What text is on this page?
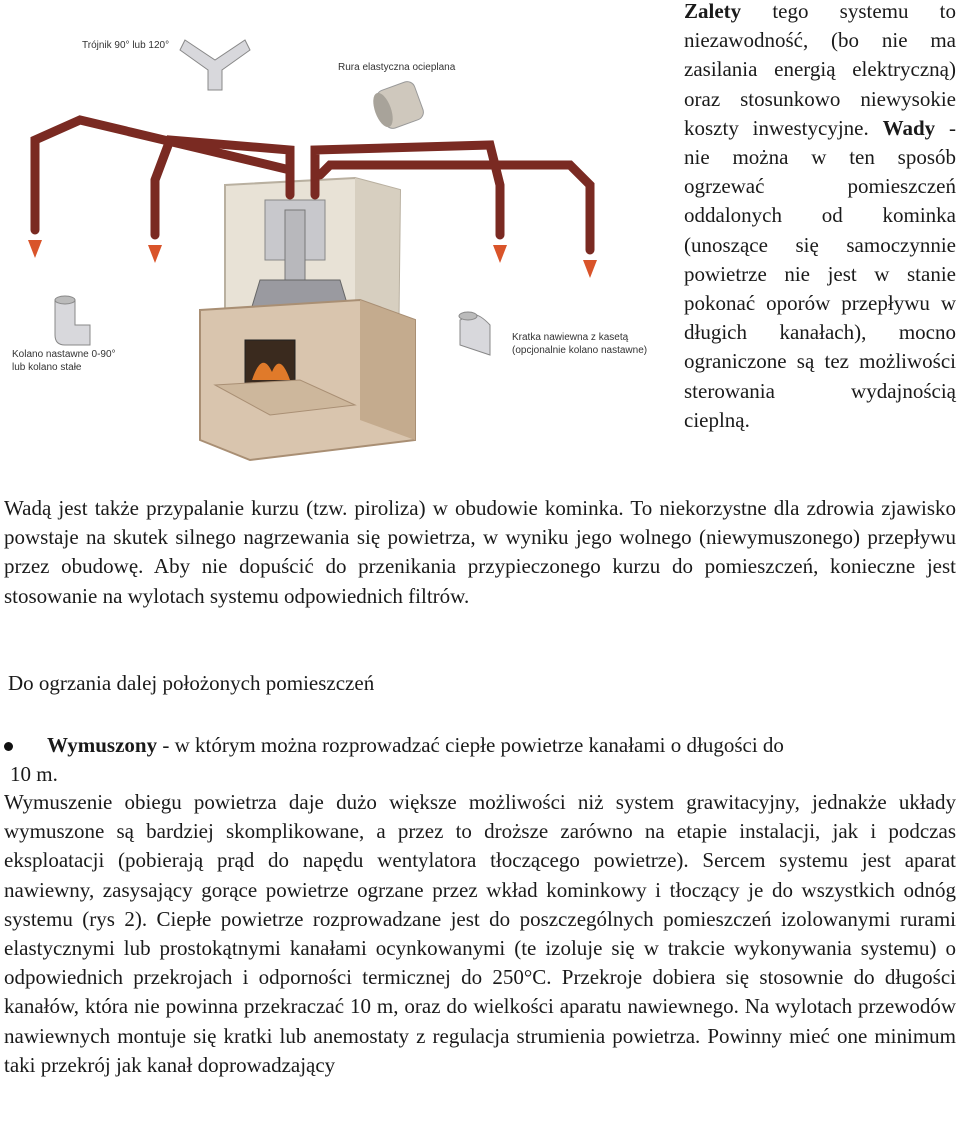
Trójnik 90° lub 120°
Rura elastyczna ocieplana
Kolano nastawne 0-90°
lub kolano stałe
Kratka nawiewna z kasetą
(opcjonalnie kolano nastawne)
Zalety tego systemu to niezawodność, (bo nie ma zasilania energią elektryczną) oraz stosunkowo niewysokie koszty inwestycyjne. Wady - nie można w ten sposób ogrzewać pomieszczeń oddalonych od kominka (unoszące się samoczynnie powietrze nie jest w stanie pokonać oporów przepływu w długich kanałach), mocno ograniczone są tez możliwości sterowania wydajnością cieplną.
Wadą jest także przypalanie kurzu (tzw. piroliza) w obudowie kominka. To niekorzystne dla zdrowia zjawisko powstaje na skutek silnego nagrzewania się powietrza, w wyniku jego wolnego (niewymuszonego) przepływu przez obudowę. Aby nie dopuścić do przenikania przypieczonego kurzu do pomieszczeń, konieczne jest stosowanie na wylotach systemu odpowiednich filtrów.
Do ogrzania dalej położonych pomieszczeń
Wymuszony - w którym można rozprowadzać ciepłe powietrze kanałami o długości do
10 m.
Wymuszenie obiegu powietrza daje dużo większe możliwości niż system grawitacyjny, jednakże układy wymuszone są bardziej skomplikowane, a przez to droższe zarówno na etapie instalacji, jak i podczas eksploatacji (pobierają prąd do napędu wentylatora tłoczącego powietrze). Sercem systemu jest aparat nawiewny, zasysający gorące powietrze ogrzane przez wkład kominkowy i tłoczący je do wszystkich odnóg systemu (rys 2). Ciepłe powietrze rozprowadzane jest do poszczególnych pomieszczeń izolowanymi rurami elastycznymi lub prostokątnymi kanałami ocynkowanymi (te izoluje się w trakcie wykonywania systemu) o odpowiednich przekrojach i odporności termicznej do 250°C. Przekroje dobiera się stosownie do długości kanałów, która nie powinna przekraczać 10 m, oraz do wielkości aparatu nawiewnego. Na wylotach przewodów nawiewnych montuje się kratki lub anemostaty z regulacja strumienia powietrza. Powinny mieć one minimum taki przekrój jak kanał doprowadzający
